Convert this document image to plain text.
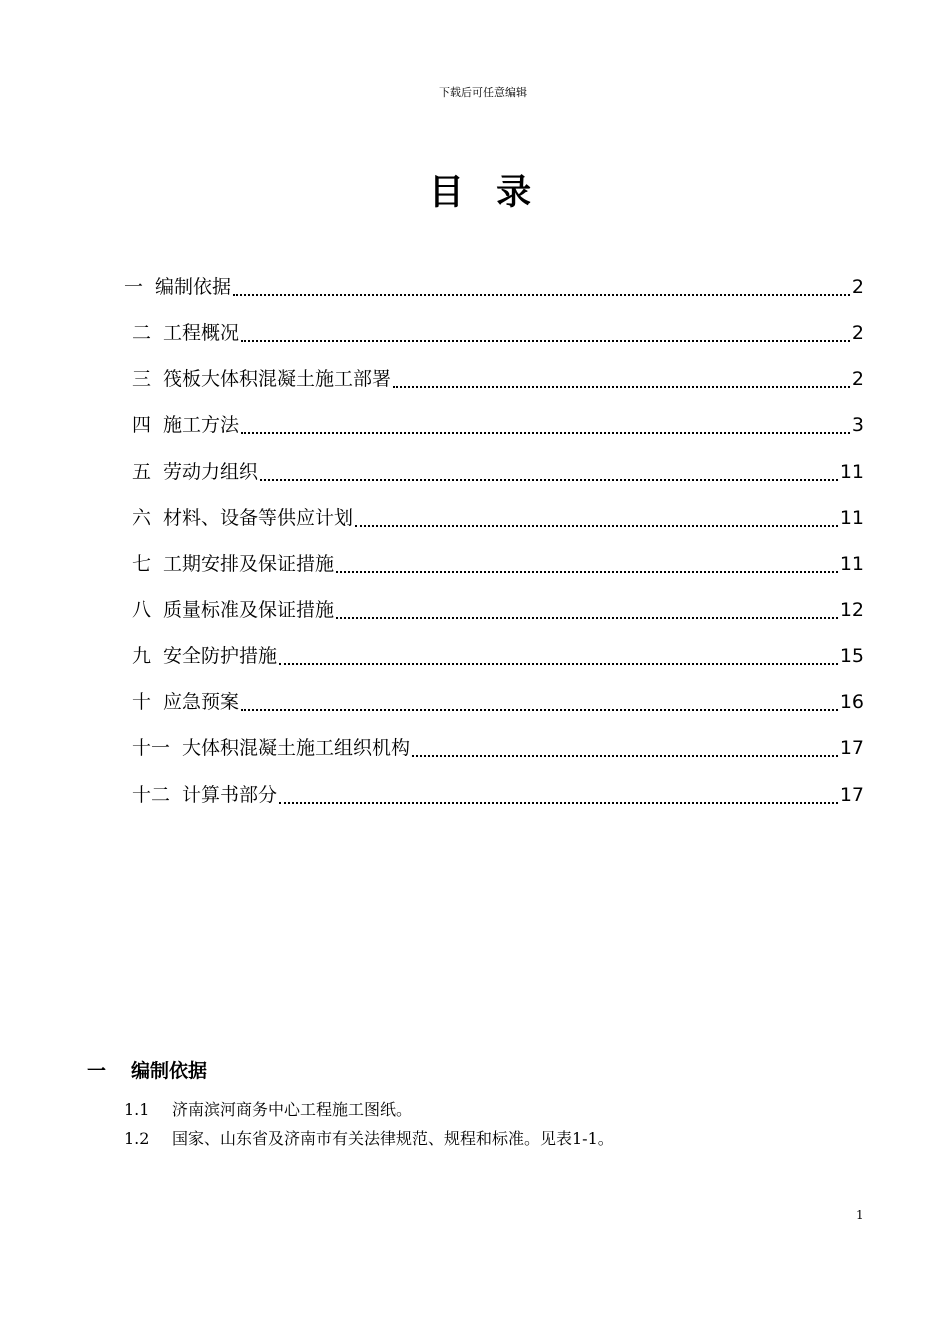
下载后可任意编辑
目 录
一 编制依据	2
二 工程概况	2
三 筏板大体积混凝土施工部署	2
四 施工方法	3
五 劳动力组织	11
六 材料、设备等供应计划	11
七 工期安排及保证措施	11
八 质量标准及保证措施	12
九 安全防护措施	15
十 应急预案	16
十一 大体积混凝土施工组织机构	17
十二 计算书部分	17
一	编制依据
1.1 济南滨河商务中心工程施工图纸。
1.2 国家、山东省及济南市有关法律规范、规程和标准。见表1-1。
1
